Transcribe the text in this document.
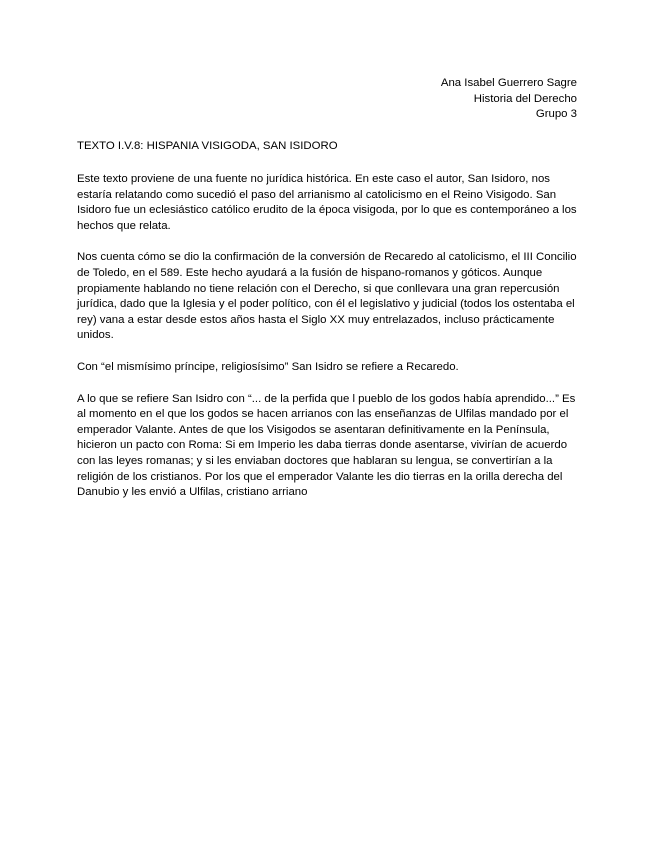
Ana Isabel Guerrero Sagre
Historia del Derecho
Grupo 3
TEXTO I.V.8: HISPANIA VISIGODA, SAN ISIDORO

Este texto proviene de una fuente no jurídica histórica. En este caso el autor, San Isidoro, nos estaría relatando como sucedió el paso del arrianismo al catolicismo en el Reino Visigodo. San Isidoro fue un eclesiástico católico erudito de la época visigoda, por lo que es contemporáneo a los hechos que relata.

Nos cuenta cómo se dio la confirmación de la conversión de Recaredo al catolicismo, el III Concilio de Toledo, en el 589. Este hecho ayudará a la fusión de hispano-romanos y góticos. Aunque propiamente hablando no tiene relación con el Derecho, si que conllevara una gran repercusión jurídica, dado que la Iglesia y el poder político, con él el legislativo y judicial (todos los ostentaba el rey) vana a estar desde estos años hasta el Siglo XX muy entrelazados, incluso prácticamente unidos.

Con “el mismísimo príncipe, religiosísimo” San Isidro se refiere a Recaredo.

A lo que se refiere San Isidro con “... de la perfida que l pueblo de los godos había aprendido...” Es al momento en el que los godos se hacen arrianos con las enseñanzas de Ulfilas mandado por el emperador Valante. Antes de que los Visigodos se asentaran definitivamente en la Península, hicieron un pacto con Roma: Si em Imperio les daba tierras donde asentarse, vivirían de acuerdo con las leyes romanas; y si les enviaban doctores que hablaran su lengua, se convertirían a la religión de los cristianos. Por los que el emperador Valante les dio tierras en la orilla derecha del Danubio y les envió a Ulfilas, cristiano arriano
